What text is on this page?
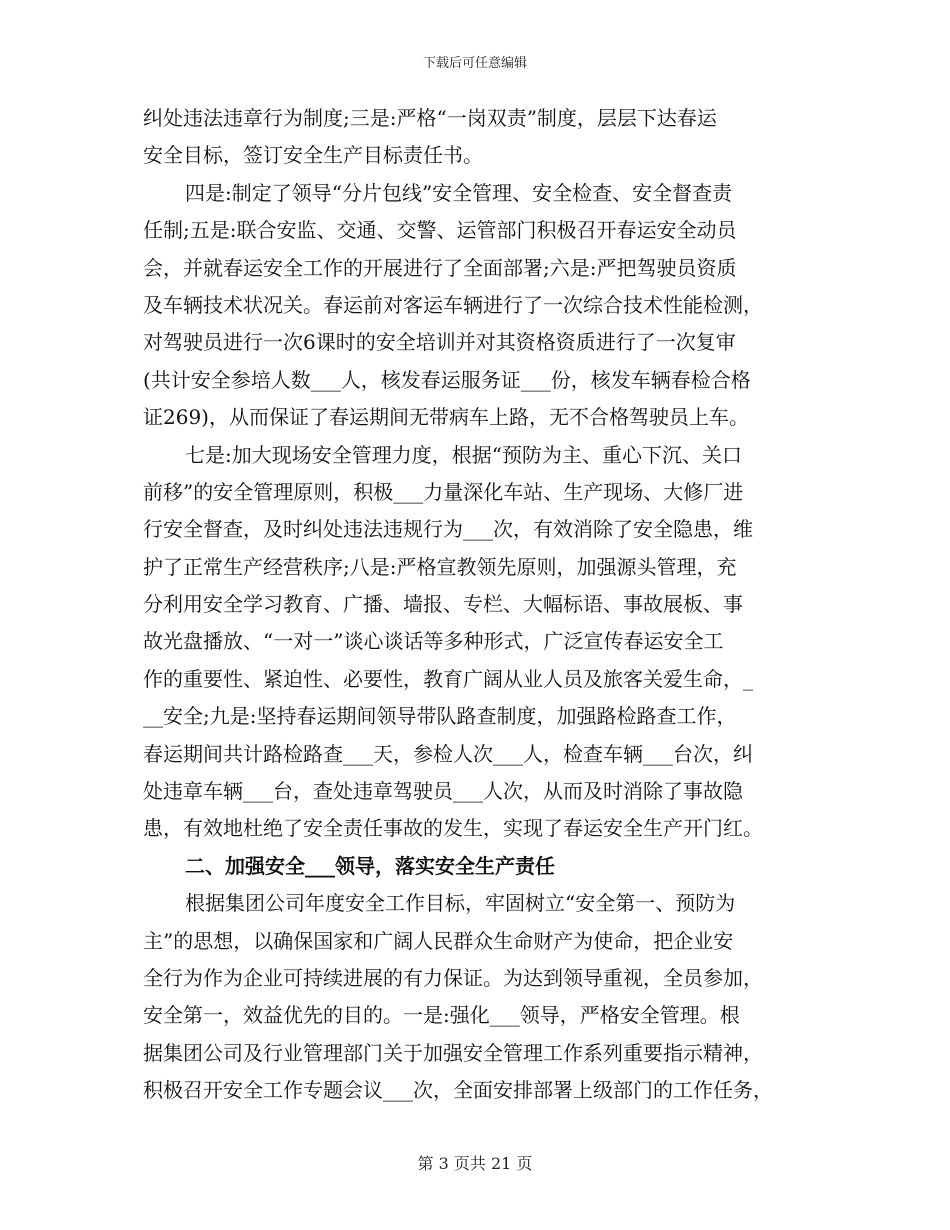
下载后可任意编辑
纠处违法违章行为制度;三是:严格“一岗双责”制度，层层下达春运
安全目标，签订安全生产目标责任书。
四是:制定了领导“分片包线”安全管理、安全检查、安全督查责
任制;五是:联合安监、交通、交警、运管部门积极召开春运安全动员
会，并就春运安全工作的开展进行了全面部署;六是:严把驾驶员资质
及车辆技术状况关。春运前对客运车辆进行了一次综合技术性能检测，
对驾驶员进行一次6课时的安全培训并对其资格资质进行了一次复审
(共计安全参培人数___人，核发春运服务证___份，核发车辆春检合格
证269)，从而保证了春运期间无带病车上路，无不合格驾驶员上车。
七是:加大现场安全管理力度，根据“预防为主、重心下沉、关口
前移”的安全管理原则，积极___力量深化车站、生产现场、大修厂进
行安全督查，及时纠处违法违规行为___次，有效消除了安全隐患，维
护了正常生产经营秩序;八是:严格宣教领先原则，加强源头管理，充
分利用安全学习教育、广播、墙报、专栏、大幅标语、事故展板、事
故光盘播放、“一对一”谈心谈话等多种形式，广泛宣传春运安全工
作的重要性、紧迫性、必要性，教育广阔从业人员及旅客关爱生命，_
__安全;九是:坚持春运期间领导带队路查制度，加强路检路查工作，
春运期间共计路检路查___天，参检人次___人，检查车辆___台次，纠
处违章车辆___台，查处违章驾驶员___人次，从而及时消除了事故隐
患，有效地杜绝了安全责任事故的发生，实现了春运安全生产开门红。
二、加强安全___领导，落实安全生产责任
根据集团公司年度安全工作目标，牢固树立“安全第一、预防为
主”的思想，以确保国家和广阔人民群众生命财产为使命，把企业安
全行为作为企业可持续进展的有力保证。为达到领导重视，全员参加，
安全第一，效益优先的目的。一是:强化___领导，严格安全管理。根
据集团公司及行业管理部门关于加强安全管理工作系列重要指示精神，
积极召开安全工作专题会议___次，全面安排部署上级部门的工作任务，
第 3 页共 21 页
